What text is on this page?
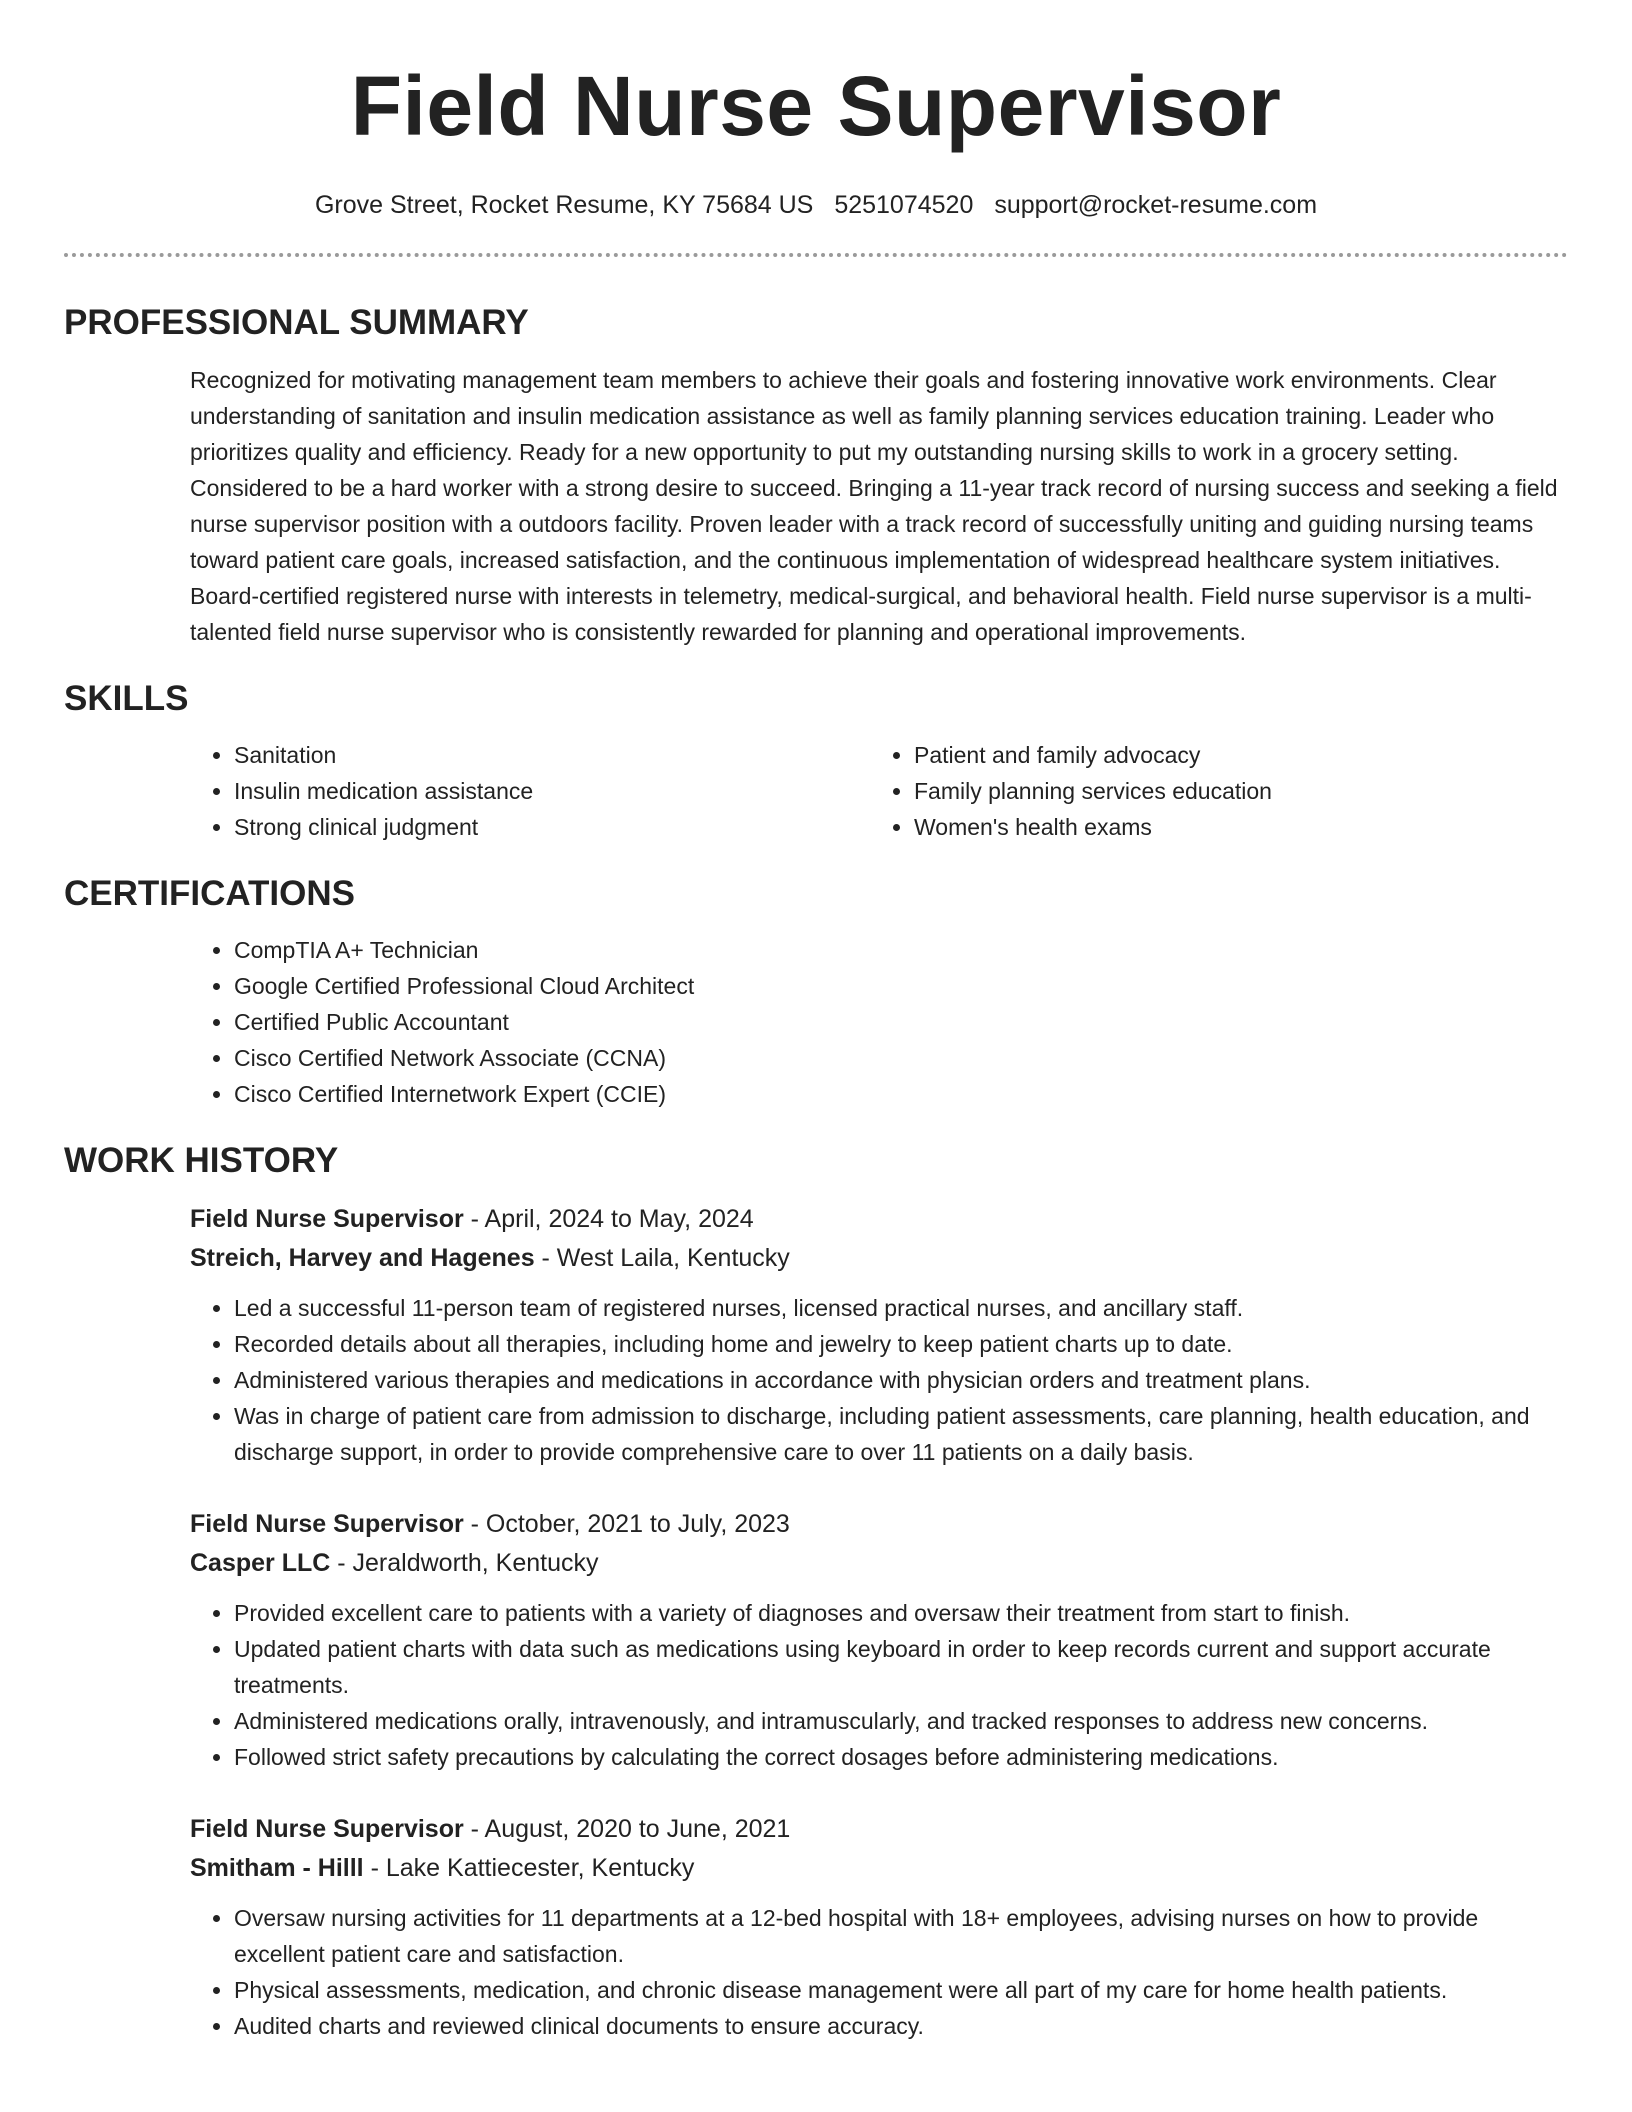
Field Nurse Supervisor
Grove Street, Rocket Resume, KY 75684 US 5251074520 support@rocket-resume.com
PROFESSIONAL SUMMARY
Recognized for motivating management team members to achieve their goals and fostering innovative work environments. Clear understanding of sanitation and insulin medication assistance as well as family planning services education training. Leader who prioritizes quality and efficiency. Ready for a new opportunity to put my outstanding nursing skills to work in a grocery setting. Considered to be a hard worker with a strong desire to succeed. Bringing a 11-year track record of nursing success and seeking a field nurse supervisor position with a outdoors facility. Proven leader with a track record of successfully uniting and guiding nursing teams toward patient care goals, increased satisfaction, and the continuous implementation of widespread healthcare system initiatives. Board-certified registered nurse with interests in telemetry, medical-surgical, and behavioral health. Field nurse supervisor is a multi-talented field nurse supervisor who is consistently rewarded for planning and operational improvements.
SKILLS
• Sanitation
• Insulin medication assistance
• Strong clinical judgment
• Patient and family advocacy
• Family planning services education
• Women's health exams
CERTIFICATIONS
• CompTIA A+ Technician
• Google Certified Professional Cloud Architect
• Certified Public Accountant
• Cisco Certified Network Associate (CCNA)
• Cisco Certified Internetwork Expert (CCIE)
WORK HISTORY
Field Nurse Supervisor - April, 2024 to May, 2024
Streich, Harvey and Hagenes - West Laila, Kentucky
• Led a successful 11-person team of registered nurses, licensed practical nurses, and ancillary staff.
• Recorded details about all therapies, including home and jewelry to keep patient charts up to date.
• Administered various therapies and medications in accordance with physician orders and treatment plans.
• Was in charge of patient care from admission to discharge, including patient assessments, care planning, health education, and discharge support, in order to provide comprehensive care to over 11 patients on a daily basis.
Field Nurse Supervisor - October, 2021 to July, 2023
Casper LLC - Jeraldworth, Kentucky
• Provided excellent care to patients with a variety of diagnoses and oversaw their treatment from start to finish.
• Updated patient charts with data such as medications using keyboard in order to keep records current and support accurate treatments.
• Administered medications orally, intravenously, and intramuscularly, and tracked responses to address new concerns.
• Followed strict safety precautions by calculating the correct dosages before administering medications.
Field Nurse Supervisor - August, 2020 to June, 2021
Smitham - Hilll - Lake Kattiecester, Kentucky
• Oversaw nursing activities for 11 departments at a 12-bed hospital with 18+ employees, advising nurses on how to provide excellent patient care and satisfaction.
• Physical assessments, medication, and chronic disease management were all part of my care for home health patients.
• Audited charts and reviewed clinical documents to ensure accuracy.
